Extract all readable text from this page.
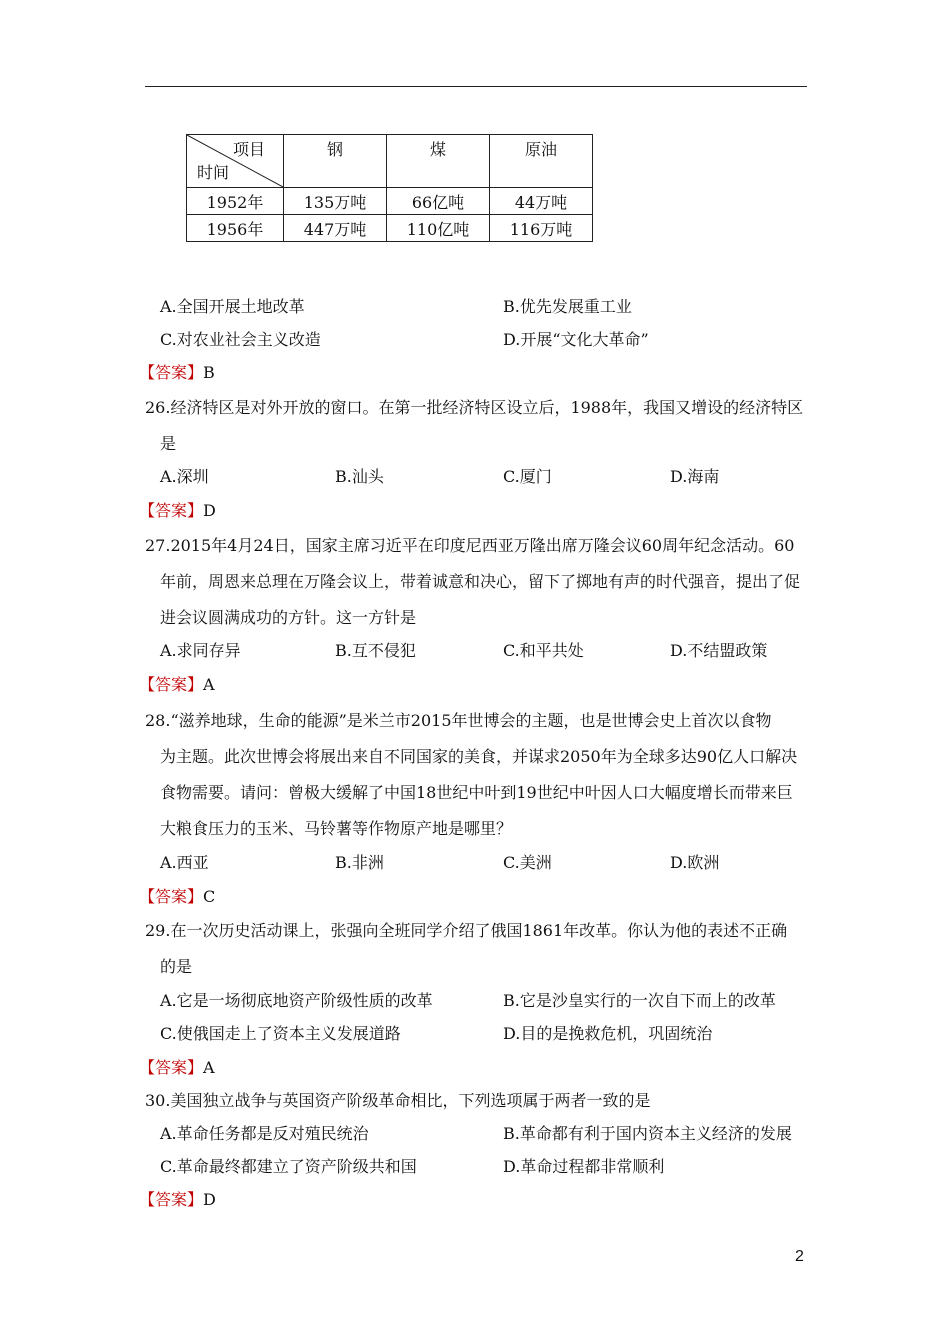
项目
时间	钢	煤	原油
1952年	135万吨	66亿吨	44万吨
1956年	447万吨	110亿吨	116万吨
A.全国开展土地改革	B.优先发展重工业
C.对农业社会主义改造	D.开展“文化大革命”
【答案】B
26.经济特区是对外开放的窗口。在第一批经济特区设立后，1988年，我国又增设的经济特区
是
A.深圳	B.汕头	C.厦门	D.海南
【答案】D
27.2015年4月24日，国家主席习近平在印度尼西亚万隆出席万隆会议60周年纪念活动。60
年前，周恩来总理在万隆会议上，带着诚意和决心，留下了掷地有声的时代强音，提出了促
进会议圆满成功的方针。这一方针是
A.求同存异	B.互不侵犯	C.和平共处	D.不结盟政策
【答案】A
28.“滋养地球，生命的能源”是米兰市2015年世博会的主题，也是世博会史上首次以食物
为主题。此次世博会将展出来自不同国家的美食，并谋求2050年为全球多达90亿人口解决
食物需要。请问：曾极大缓解了中国18世纪中叶到19世纪中叶因人口大幅度增长而带来巨
大粮食压力的玉米、马铃薯等作物原产地是哪里？
A.西亚	B.非洲	C.美洲	D.欧洲
【答案】C
29.在一次历史活动课上，张强向全班同学介绍了俄国1861年改革。你认为他的表述不正确
的是
A.它是一场彻底地资产阶级性质的改革	B.它是沙皇实行的一次自下而上的改革
C.使俄国走上了资本主义发展道路	D.目的是挽救危机，巩固统治
【答案】A
30.美国独立战争与英国资产阶级革命相比，下列选项属于两者一致的是
A.革命任务都是反对殖民统治	B.革命都有利于国内资本主义经济的发展
C.革命最终都建立了资产阶级共和国	D.革命过程都非常顺利
【答案】D
2
